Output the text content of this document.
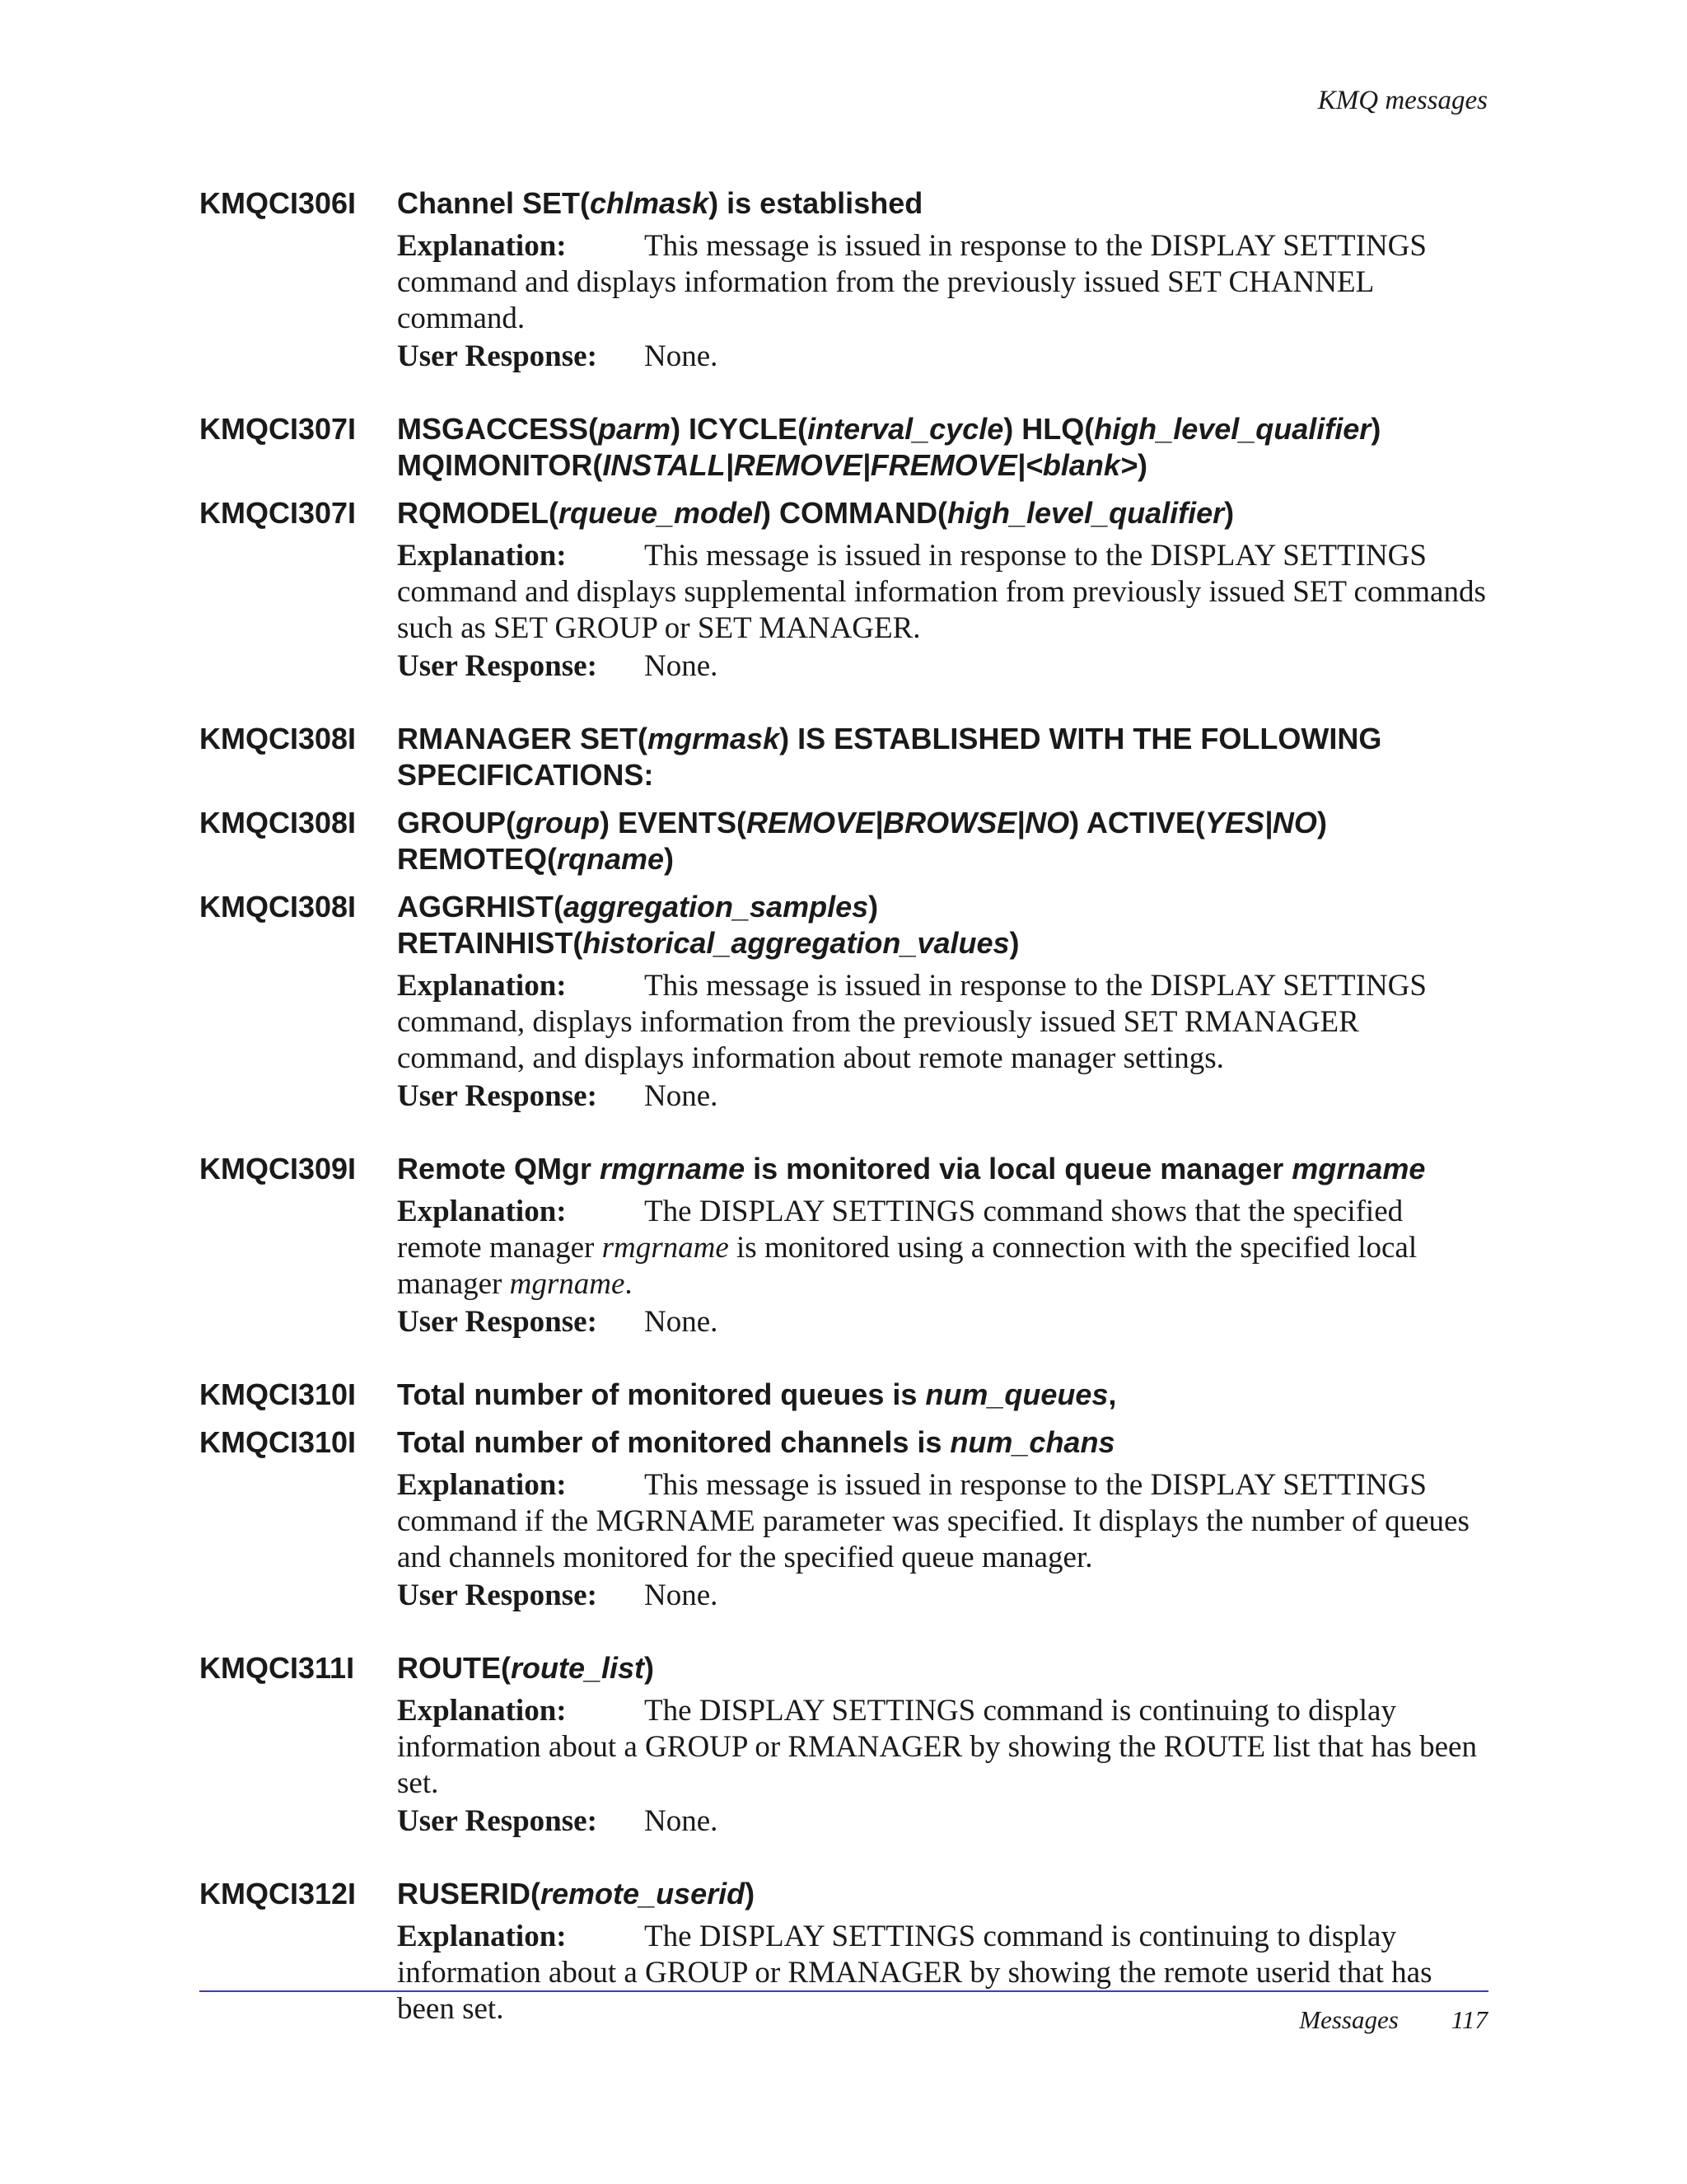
KMQ messages
KMQCI306I	Channel SET(chlmask) is established

Explanation:	This message is issued in response to the DISPLAY SETTINGS command and displays information from the previously issued SET CHANNEL command.

User Response: None.
KMQCI307I	MSGACCESS(parm) ICYCLE(interval_cycle) HLQ(high_level_qualifier) MQIMONITOR(INSTALL|REMOVE|FREMOVE|<blank>)
KMQCI307I	RQMODEL(rqueue_model) COMMAND(high_level_qualifier)

Explanation:	This message is issued in response to the DISPLAY SETTINGS command and displays supplemental information from previously issued SET commands such as SET GROUP or SET MANAGER.

User Response: None.
KMQCI308I	RMANAGER SET(mgrmask) IS ESTABLISHED WITH THE FOLLOWING SPECIFICATIONS:
KMQCI308I	GROUP(group) EVENTS(REMOVE|BROWSE|NO) ACTIVE(YES|NO) REMOTEQ(rqname)
KMQCI308I	AGGRHIST(aggregation_samples) RETAINHIST(historical_aggregation_values)

Explanation:	This message is issued in response to the DISPLAY SETTINGS command, displays information from the previously issued SET RMANAGER command, and displays information about remote manager settings.

User Response: None.
KMQCI309I	Remote QMgr rmgrname is monitored via local queue manager mgrname

Explanation:	The DISPLAY SETTINGS command shows that the specified remote manager rmgrname is monitored using a connection with the specified local manager mgrname.

User Response: None.
KMQCI310I	Total number of monitored queues is num_queues,
KMQCI310I	Total number of monitored channels is num_chans

Explanation:	This message is issued in response to the DISPLAY SETTINGS command if the MGRNAME parameter was specified. It displays the number of queues and channels monitored for the specified queue manager.

User Response: None.
KMQCI311I	ROUTE(route_list)

Explanation:	The DISPLAY SETTINGS command is continuing to display information about a GROUP or RMANAGER by showing the ROUTE list that has been set.

User Response: None.
KMQCI312I	RUSERID(remote_userid)

Explanation:	The DISPLAY SETTINGS command is continuing to display information about a GROUP or RMANAGER by showing the remote userid that has been set.	Messages 117
